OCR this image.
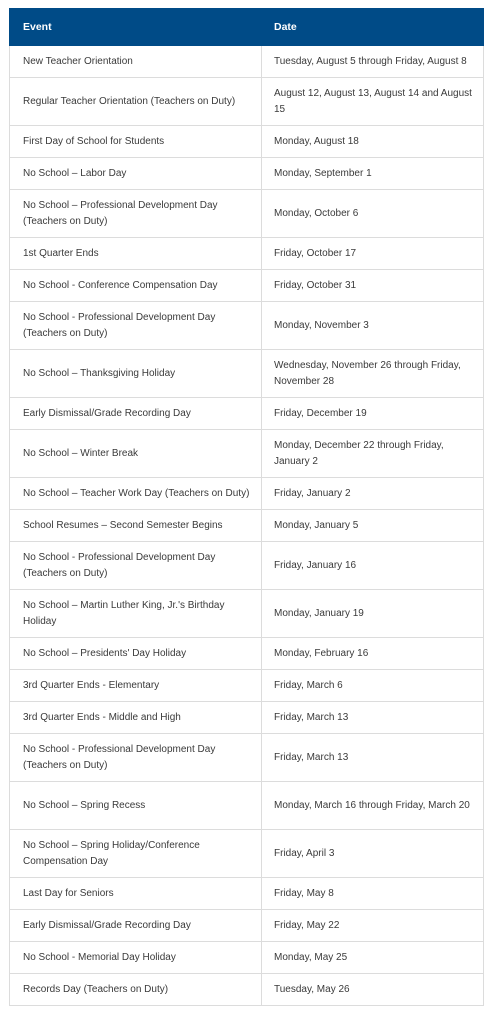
Event	Date
New Teacher Orientation	Tuesday, August 5 through Friday, August 8
Regular Teacher Orientation (Teachers on Duty)	August 12, August 13, August 14 and August 15
First Day of School for Students	Monday, August 18
No School – Labor Day	Monday, September 1
No School – Professional Development Day (Teachers on Duty)	Monday, October 6
1st Quarter Ends	Friday, October 17
No School - Conference Compensation Day	Friday, October 31
No School - Professional Development Day (Teachers on Duty)	Monday, November 3
No School – Thanksgiving Holiday	Wednesday, November 26 through Friday, November 28
Early Dismissal/Grade Recording Day	Friday, December 19
No School – Winter Break	Monday, December 22 through Friday, January 2
No School – Teacher Work Day (Teachers on Duty)	Friday, January 2
School Resumes – Second Semester Begins	Monday, January 5
No School - Professional Development Day (Teachers on Duty)	Friday, January 16
No School – Martin Luther King, Jr.'s Birthday Holiday	Monday, January 19
No School – Presidents' Day Holiday	Monday, February 16
3rd Quarter Ends - Elementary	Friday, March 6
3rd Quarter Ends - Middle and High	Friday, March 13
No School - Professional Development Day (Teachers on Duty)	Friday, March 13
No School – Spring Recess	Monday, March 16 through Friday, March 20
No School – Spring Holiday/Conference Compensation Day	Friday, April 3
Last Day for Seniors	Friday, May 8
Early Dismissal/Grade Recording Day	Friday, May 22
No School - Memorial Day Holiday	Monday, May 25
Records Day (Teachers on Duty)	Tuesday, May 26
